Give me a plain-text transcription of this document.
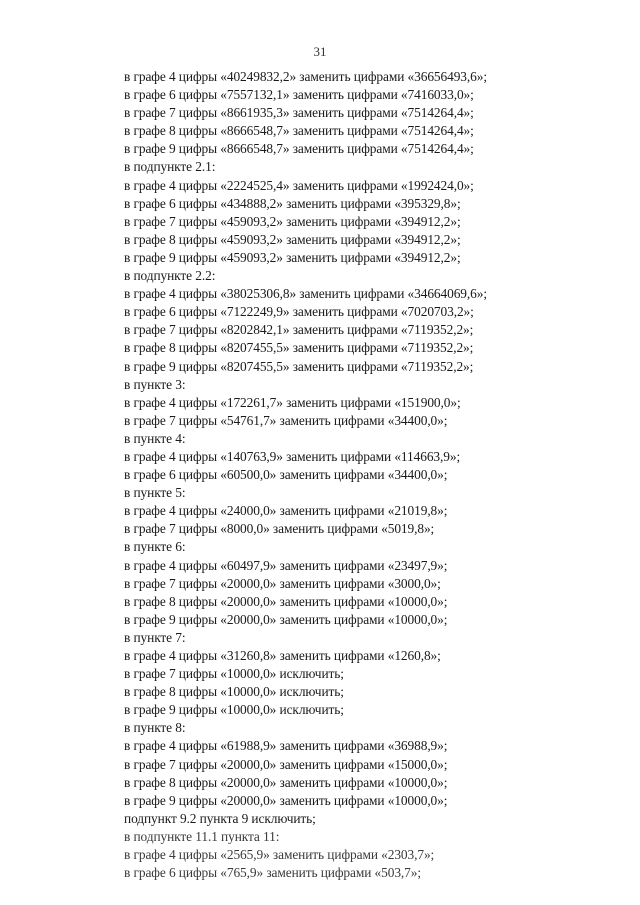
31
в графе 4 цифры «40249832,2» заменить цифрами «36656493,6»;
в графе 6 цифры «7557132,1» заменить цифрами «7416033,0»;
в графе 7 цифры «8661935,3» заменить цифрами «7514264,4»;
в графе 8 цифры «8666548,7» заменить цифрами «7514264,4»;
в графе 9 цифры «8666548,7» заменить цифрами «7514264,4»;
в подпункте 2.1:
в графе 4 цифры «2224525,4» заменить цифрами «1992424,0»;
в графе 6 цифры «434888,2» заменить цифрами «395329,8»;
в графе 7 цифры «459093,2» заменить цифрами «394912,2»;
в графе 8 цифры «459093,2» заменить цифрами «394912,2»;
в графе 9 цифры «459093,2» заменить цифрами «394912,2»;
в подпункте 2.2:
в графе 4 цифры «38025306,8» заменить цифрами «34664069,6»;
в графе 6 цифры «7122249,9» заменить цифрами «7020703,2»;
в графе 7 цифры «8202842,1» заменить цифрами «7119352,2»;
в графе 8 цифры «8207455,5» заменить цифрами «7119352,2»;
в графе 9 цифры «8207455,5» заменить цифрами «7119352,2»;
в пункте 3:
в графе 4 цифры «172261,7» заменить цифрами «151900,0»;
в графе 7 цифры «54761,7» заменить цифрами «34400,0»;
в пункте 4:
в графе 4 цифры «140763,9» заменить цифрами «114663,9»;
в графе 6 цифры «60500,0» заменить цифрами «34400,0»;
в пункте 5:
в графе 4 цифры «24000,0» заменить цифрами «21019,8»;
в графе 7 цифры «8000,0» заменить цифрами «5019,8»;
в пункте 6:
в графе 4 цифры «60497,9» заменить цифрами «23497,9»;
в графе 7 цифры «20000,0» заменить цифрами «3000,0»;
в графе 8 цифры «20000,0» заменить цифрами «10000,0»;
в графе 9 цифры «20000,0» заменить цифрами «10000,0»;
в пункте 7:
в графе 4 цифры «31260,8» заменить цифрами «1260,8»;
в графе 7 цифры «10000,0» исключить;
в графе 8 цифры «10000,0» исключить;
в графе 9 цифры «10000,0» исключить;
в пункте 8:
в графе 4 цифры «61988,9» заменить цифрами «36988,9»;
в графе 7 цифры «20000,0» заменить цифрами «15000,0»;
в графе 8 цифры «20000,0» заменить цифрами «10000,0»;
в графе 9 цифры «20000,0» заменить цифрами «10000,0»;
подпункт 9.2 пункта 9 исключить;
в подпункте 11.1 пункта 11:
в графе 4 цифры «2565,9» заменить цифрами «2303,7»;
в графе 6 цифры «765,9» заменить цифрами «503,7»;
